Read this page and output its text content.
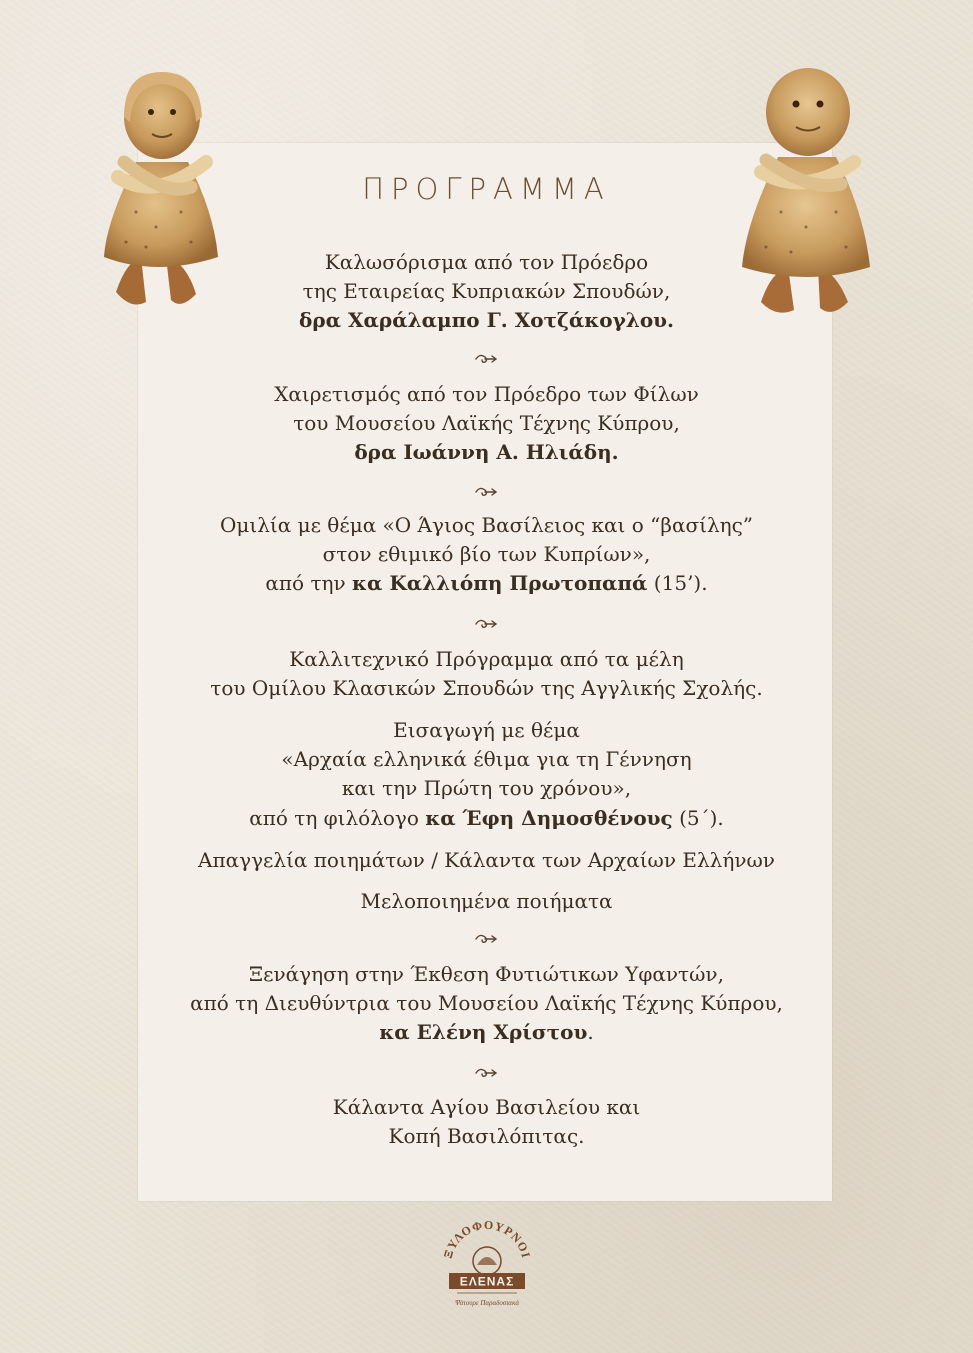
ΠΡΟΓΡΑΜΜΑ
Καλωσόρισμα από τον Πρόεδρο
της Εταιρείας Κυπριακών Σπουδών,
δρα Χαράλαμπο Γ. Χοτζάκογλου.
Χαιρετισμός από τον Πρόεδρο των Φίλων
του Μουσείου Λαϊκής Τέχνης Κύπρου,
δρα Ιωάννη Α. Ηλιάδη.
Ομιλία με θέμα «Ο Άγιος Βασίλειος και ο “βασίλης”
στον εθιμικό βίο των Κυπρίων»,
από την κα Καλλιόπη Πρωτοπαπά (15’).
Καλλιτεχνικό Πρόγραμμα από τα μέλη
του Ομίλου Κλασικών Σπουδών της Αγγλικής Σχολής.
Εισαγωγή με θέμα
«Αρχαία ελληνικά έθιμα για τη Γέννηση
και την Πρώτη του χρόνου»,
από τη φιλόλογο κα Έφη Δημοσθένους (5΄).
Απαγγελία ποιημάτων / Κάλαντα των Αρχαίων Ελλήνων
Μελοποιημένα ποιήματα
Ξενάγηση στην Έκθεση Φυτιώτικων Υφαντών,
από τη Διευθύντρια του Μουσείου Λαϊκής Τέχνης Κύπρου,
κα Ελένη Χρίστου.
Κάλαντα Αγίου Βασιλείου και
Κοπή Βασιλόπιτας.
ΞΥΛΟΦΟΥΡΝΟΙ
ΕΛΕΝΑΣ
Ψάτουρε Παραδοσιακά
